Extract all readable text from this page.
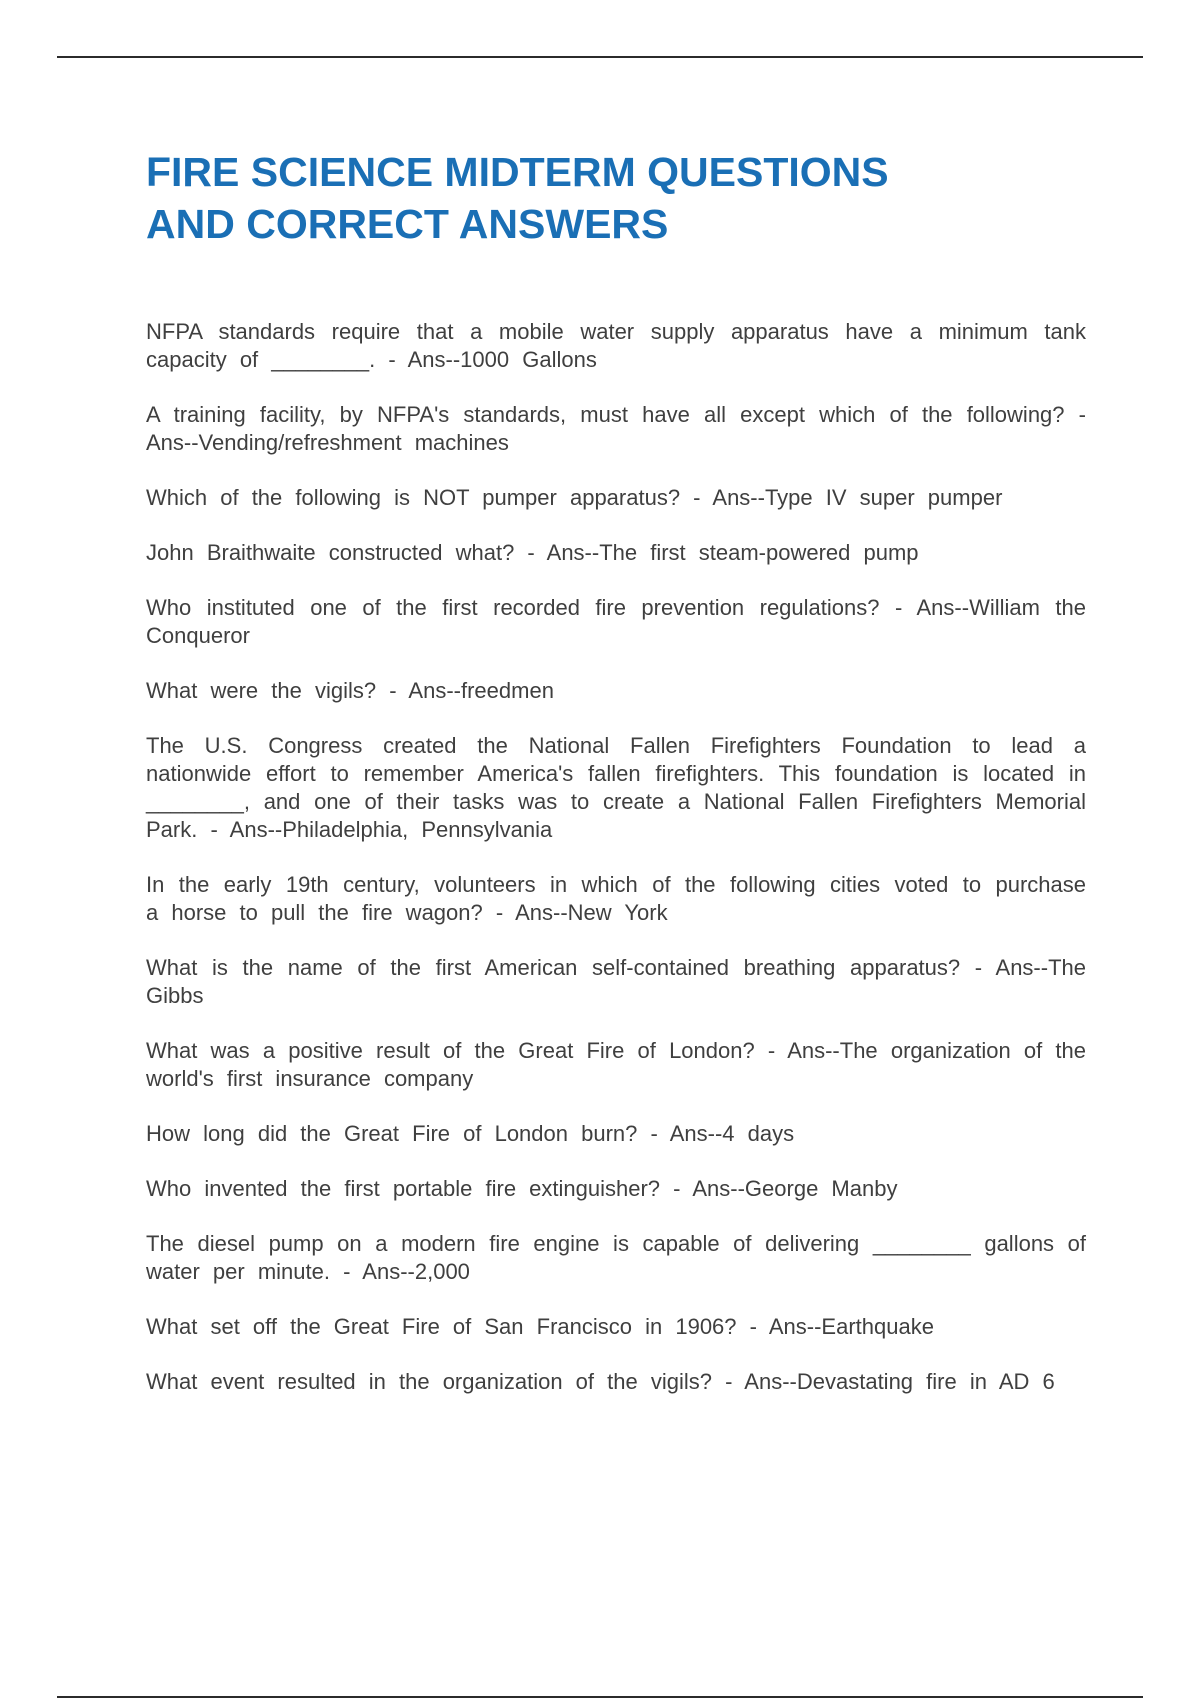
FIRE SCIENCE MIDTERM QUESTIONS
AND CORRECT ANSWERS

NFPA standards require that a mobile water supply apparatus have a minimum tank capacity of ________. - Ans--1000 Gallons

A training facility, by NFPA's standards, must have all except which of the following? - Ans--Vending/refreshment machines

Which of the following is NOT pumper apparatus? - Ans--Type IV super pumper

John Braithwaite constructed what? - Ans--The first steam-powered pump

Who instituted one of the first recorded fire prevention regulations? - Ans--William the Conqueror

What were the vigils? - Ans--freedmen

The U.S. Congress created the National Fallen Firefighters Foundation to lead a nationwide effort to remember America's fallen firefighters. This foundation is located in ________, and one of their tasks was to create a National Fallen Firefighters Memorial Park. - Ans--Philadelphia, Pennsylvania

In the early 19th century, volunteers in which of the following cities voted to purchase a horse to pull the fire wagon? - Ans--New York

What is the name of the first American self-contained breathing apparatus? - Ans--The Gibbs

What was a positive result of the Great Fire of London? - Ans--The organization of the world's first insurance company

How long did the Great Fire of London burn? - Ans--4 days

Who invented the first portable fire extinguisher? - Ans--George Manby

The diesel pump on a modern fire engine is capable of delivering ________ gallons of water per minute. - Ans--2,000

What set off the Great Fire of San Francisco in 1906? - Ans--Earthquake

What event resulted in the organization of the vigils? - Ans--Devastating fire in AD 6
